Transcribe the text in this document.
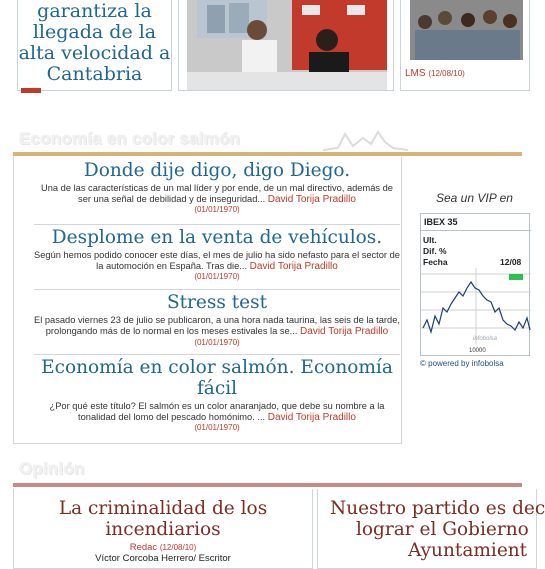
garantiza la llegada de la alta velocidad a Cantabria	LMS (12/08/10)
Economía en color salmón
Donde dije digo, digo Diego.
Una de las características de un mal líder y por ende, de un mal directivo, además de ser una señal de debilidad y de inseguridad... David Torija Pradillo
(01/01/1970)
Desplome en la venta de vehículos.
Según hemos podido conocer este días, el mes de julio ha sido nefasto para el sector de la automoción en España. Tras die... David Torija Pradillo
(01/01/1970)
Stress test
El pasado viernes 23 de julio se publicaron, a una hora nada taurina, las seis de la tarde, prolongando más de lo normal en los meses estivales la se... David Torija Pradillo (01/01/1970)
Economía en color salmón. Economía fácil
¿Por qué este título? El salmón es un color anaranjado, que debe su nombre a la tonalidad del lomo del pescado homónimo. ... David Torija Pradillo
(01/01/1970)
Sea un VIP en
IBEX 35
Ult.
Dif. %
Fecha	12/08
infobolsa
10000
© powered by infobolsa
Opinión
La criminalidad de los incendiarios
Redac (12/08/10)
Víctor Corcoba Herrero/ Escritor
Nuestro partido es dec
lograr el Gobierno
Ayuntamient
